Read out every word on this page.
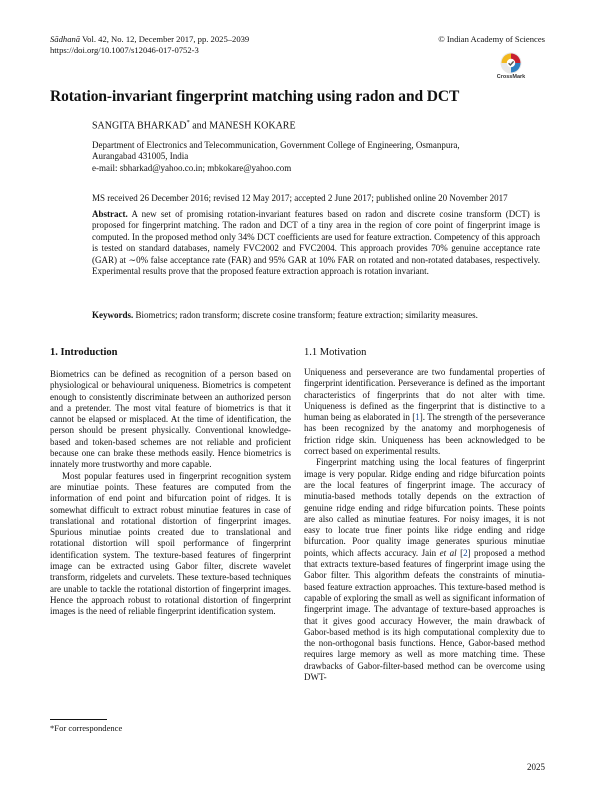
Sādhanā Vol. 42, No. 12, December 2017, pp. 2025–2039
https://doi.org/10.1007/s12046-017-0752-3
© Indian Academy of Sciences
CrossMark
Rotation-invariant fingerprint matching using radon and DCT
SANGITA BHARKAD* and MANESH KOKARE
Department of Electronics and Telecommunication, Government College of Engineering, Osmanpura,
Aurangabad 431005, India
e-mail: sbharkad@yahoo.co.in; mbkokare@yahoo.com
MS received 26 December 2016; revised 12 May 2017; accepted 2 June 2017; published online 20 November 2017
Abstract. A new set of promising rotation-invariant features based on radon and discrete cosine transform (DCT) is proposed for fingerprint matching. The radon and DCT of a tiny area in the region of core point of fingerprint image is computed. In the proposed method only 34% DCT coefficients are used for feature extraction. Competency of this approach is tested on standard databases, namely FVC2002 and FVC2004. This approach provides 70% genuine acceptance rate (GAR) at ∼0% false acceptance rate (FAR) and 95% GAR at 10% FAR on rotated and non-rotated databases, respectively. Experimental results prove that the proposed feature extraction approach is rotation invariant.
Keywords. Biometrics; radon transform; discrete cosine transform; feature extraction; similarity measures.
1. Introduction	1.1 Motivation

Biometrics can be defined as recognition of a person based on physiological or behavioural uniqueness. Biometrics is competent enough to consistently discriminate between an authorized person and a pretender. The most vital feature of biometrics is that it cannot be elapsed or misplaced. At the time of identification, the person should be present physically. Conventional knowledge-based and token-based schemes are not reliable and proficient because one can brake these methods easily. Hence biometrics is innately more trustworthy and more capable.

Most popular features used in fingerprint recognition system are minutiae points. These features are computed from the information of end point and bifurcation point of ridges. It is somewhat difficult to extract robust minutiae features in case of translational and rotational distortion of fingerprint images. Spurious minutiae points created due to translational and rotational distortion will spoil performance of fingerprint identification system. The texture-based features of fingerprint image can be extracted using Gabor filter, discrete wavelet transform, ridgelets and curvelets. These texture-based techniques are unable to tackle the rotational distortion of fingerprint images. Hence the approach robust to rotational distortion of fingerprint images is the need of reliable fingerprint identification system.

Uniqueness and perseverance are two fundamental properties of fingerprint identification. Perseverance is defined as the important characteristics of fingerprints that do not alter with time. Uniqueness is defined as the fingerprint that is distinctive to a human being as elaborated in [1]. The strength of the perseverance has been recognized by the anatomy and morphogenesis of friction ridge skin. Uniqueness has been acknowledged to be correct based on experimental results.

Fingerprint matching using the local features of fingerprint image is very popular. Ridge ending and ridge bifurcation points are the local features of fingerprint image. The accuracy of minutia-based methods totally depends on the extraction of genuine ridge ending and ridge bifurcation points. These points are also called as minutiae features. For noisy images, it is not easy to locate true finer points like ridge ending and ridge bifurcation. Poor quality image generates spurious minutiae points, which affects accuracy. Jain et al [2] proposed a method that extracts texture-based features of fingerprint image using the Gabor filter. This algorithm defeats the constraints of minutia-based feature extraction approaches. This texture-based method is capable of exploring the small as well as significant information of fingerprint image. The advantage of texture-based approaches is that it gives good accuracy However, the main drawback of Gabor-based method is its high computational complexity due to the non-orthogonal basis functions. Hence, Gabor-based method requires large memory as well as more matching time. These drawbacks of Gabor-filter-based method can be overcome using DWT-

*For correspondence
2025
